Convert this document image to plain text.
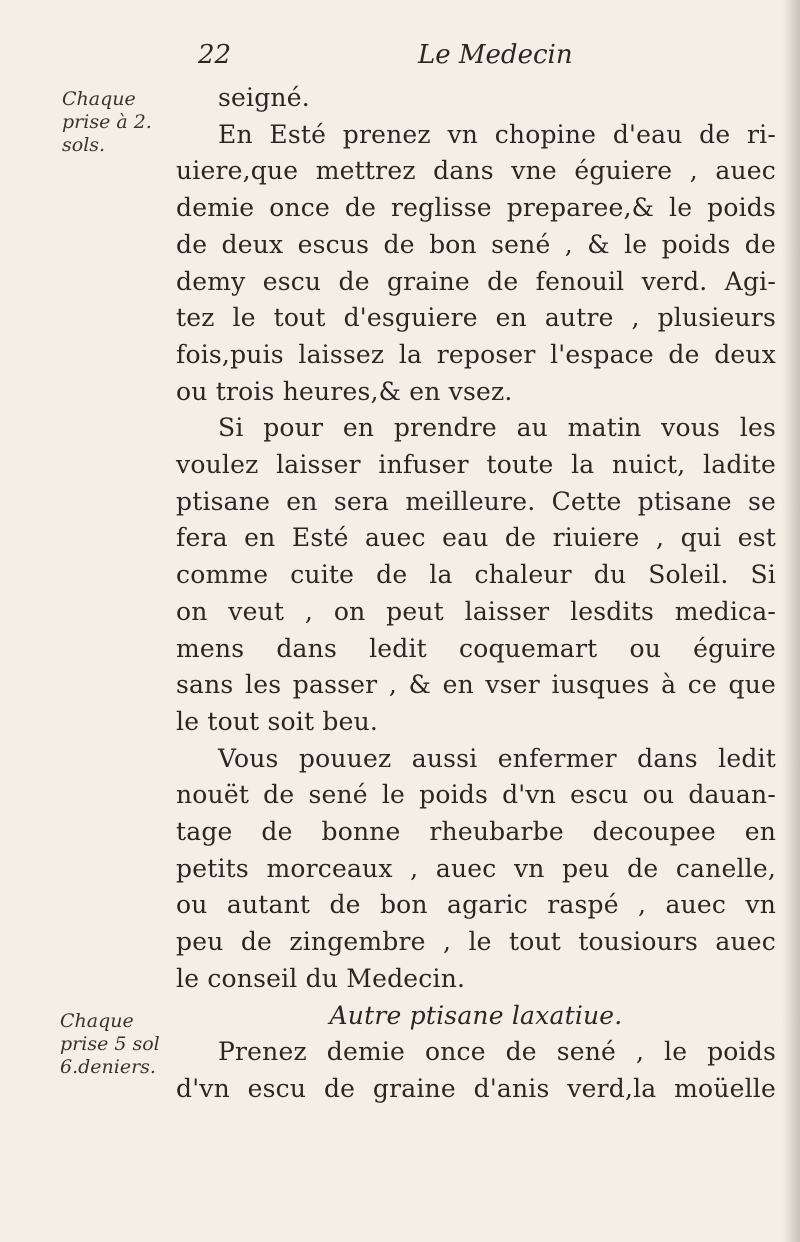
22	Le Medecin
Chaque
prise à 2.
sols.
Chaque
prise 5 sol
6.deniers.
seigné.
En Esté prenez vn chopine d'eau de ri-
uiere,que mettrez dans vne éguiere , auec
demie once de reglisse preparee,& le poids
de deux escus de bon sené , & le poids de
demy escu de graine de fenouil verd. Agi-
tez le tout d'esguiere en autre , plusieurs
fois,puis laissez la reposer l'espace de deux
ou trois heures,& en vsez.
Si pour en prendre au matin vous les
voulez laisser infuser toute la nuict, ladite
ptisane en sera meilleure. Cette ptisane se
fera en Esté auec eau de riuiere , qui est
comme cuite de la chaleur du Soleil. Si
on veut , on peut laisser lesdits medica-
mens dans ledit coquemart ou éguire
sans les passer , & en vser iusques à ce que
le tout soit beu.
Vous pouuez aussi enfermer dans ledit
nouët de sené le poids d'vn escu ou dauan-
tage de bonne rheubarbe decoupee en
petits morceaux , auec vn peu de canelle,
ou autant de bon agaric raspé , auec vn
peu de zingembre , le tout tousiours auec
le conseil du Medecin.
Autre ptisane laxatiue.
Prenez demie once de sené , le poids
d'vn escu de graine d'anis verd,la moüelle
